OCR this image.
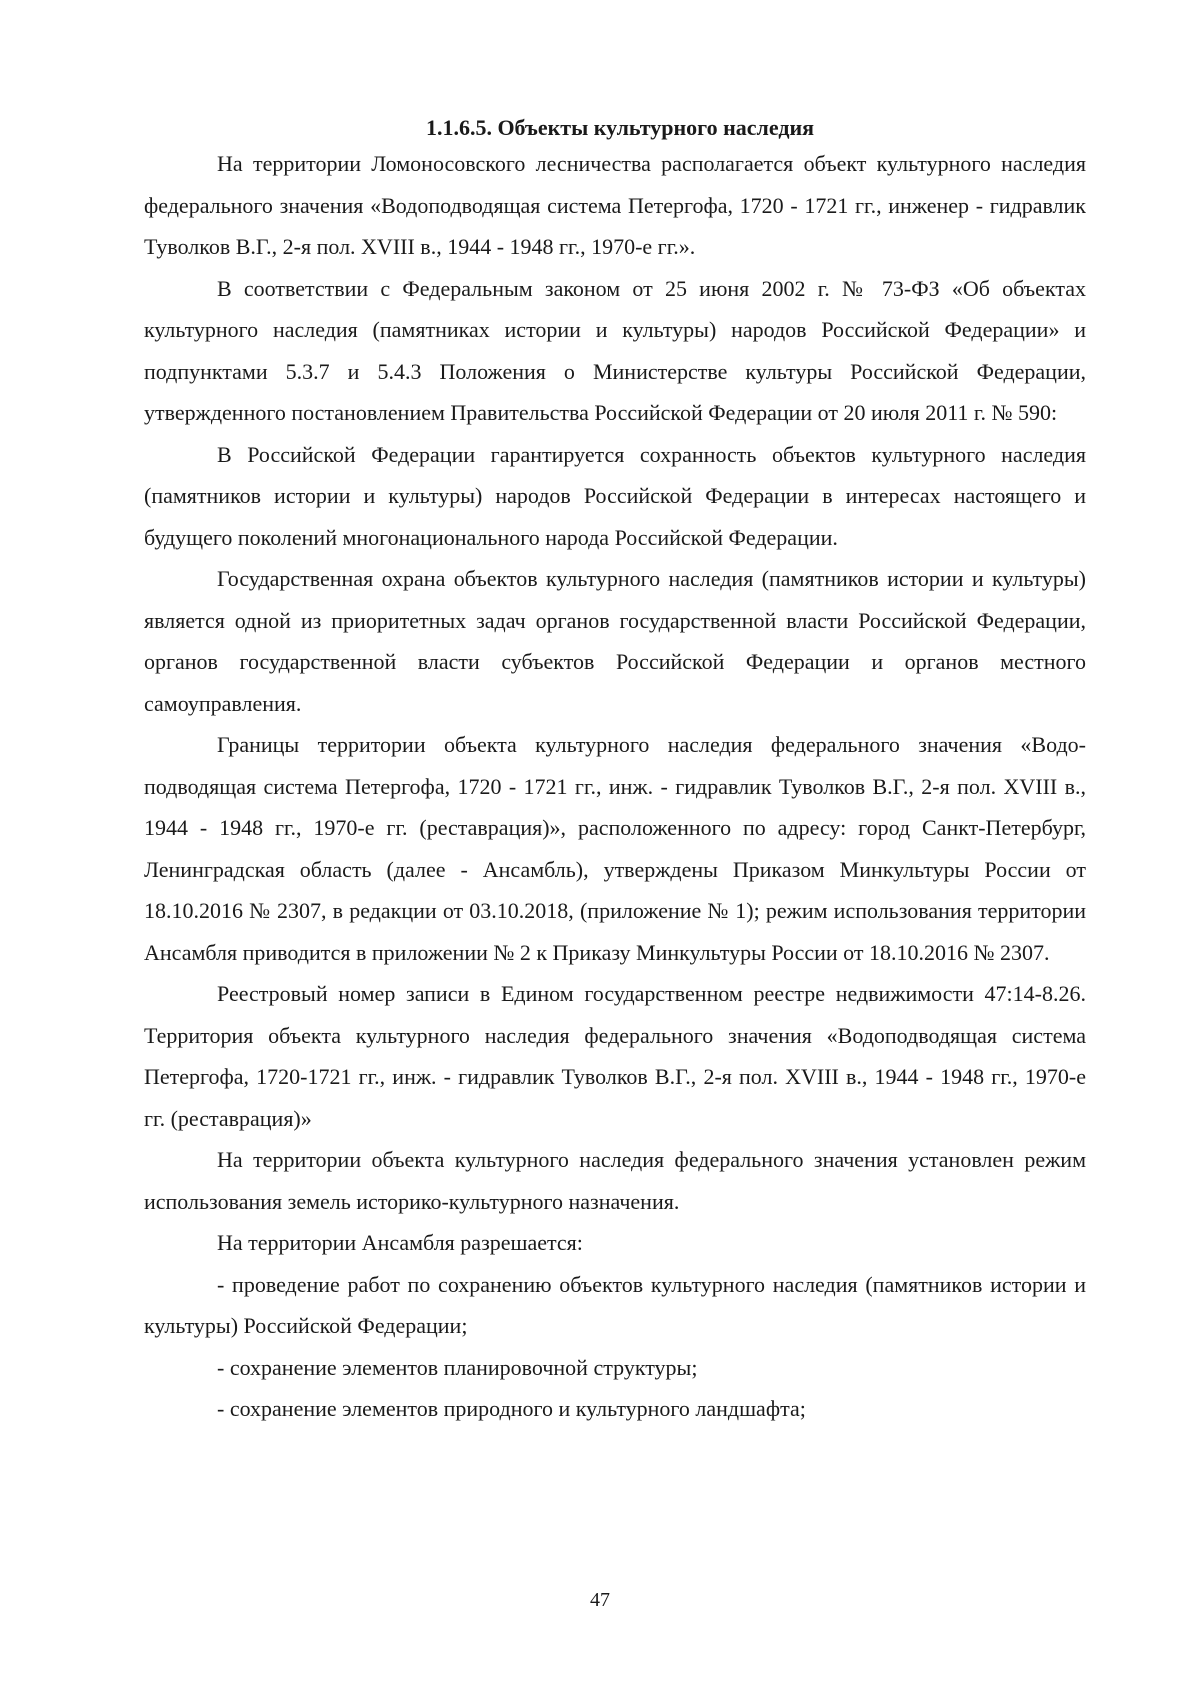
1.1.6.5. Объекты культурного наследия

На территории Ломоносовского лесничества располагается объект культурного наследия федерального значения «Водоподводящая система Петергофа, 1720 - 1721 гг., инженер - гидравлик Туволков В.Г., 2-я пол. XVIII в., 1944 - 1948 гг., 1970-е гг.».

В соответствии с Федеральным законом от 25 июня 2002 г. № 73-ФЗ «Об объектах культурного наследия (памятниках истории и культуры) народов Российской Федерации» и подпунктами 5.3.7 и 5.4.3 Положения о Министерстве культуры Российской Федерации, утвержденного постановлением Правительства Российской Федерации от 20 июля 2011 г. № 590:

В Российской Федерации гарантируется сохранность объектов культурного наследия (памятников истории и культуры) народов Российской Федерации в интересах настоящего и будущего поколений многонационального народа Российской Федерации.

Государственная охрана объектов культурного наследия (памятников истории и культуры) является одной из приоритетных задач органов государственной власти Российской Федерации, органов государственной власти субъектов Российской Федерации и органов местного самоуправления.

Границы территории объекта культурного наследия федерального значения «Водоподводящая система Петергофа, 1720 - 1721 гг., инж. - гидравлик Туволков В.Г., 2-я пол. XVIII в., 1944 - 1948 гг., 1970-е гг. (реставрация)», расположенного по адресу: город Санкт-Петербург, Ленинградская область (далее - Ансамбль), утверждены Приказом Минкультуры России от 18.10.2016 № 2307, в редакции от 03.10.2018, (приложение № 1); режим использования территории Ансамбля приводится в приложении № 2 к Приказу Минкультуры России от 18.10.2016 № 2307.

Реестровый номер записи в Едином государственном реестре недвижимости 47:14-8.26. Территория объекта культурного наследия федерального значения «Водоподводящая система Петергофа, 1720-1721 гг., инж. - гидравлик Туволков В.Г., 2-я пол. XVIII в., 1944 - 1948 гг., 1970-е гг. (реставрация)»

На территории объекта культурного наследия федерального значения установлен режим использования земель историко-культурного назначения.

На территории Ансамбля разрешается:

- проведение работ по сохранению объектов культурного наследия (памятников истории и культуры) Российской Федерации;

- сохранение элементов планировочной структуры;

- сохранение элементов природного и культурного ландшафта;

47
